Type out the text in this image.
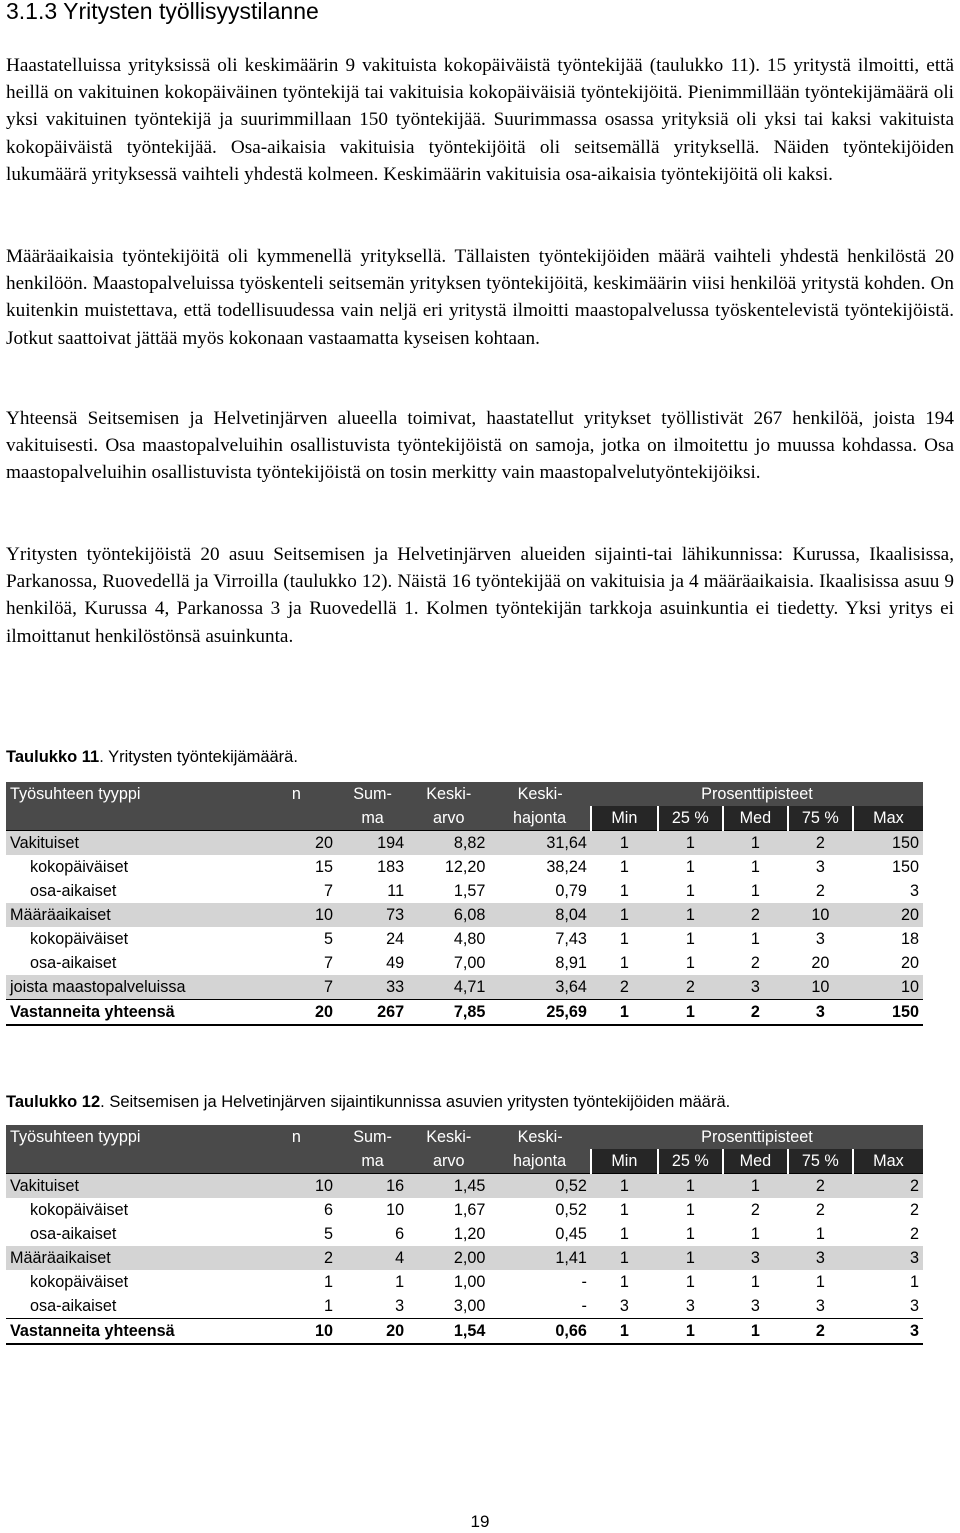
3.1.3 Yritysten työllisyystilanne

Haastatelluissa yrityksissä oli keskimäärin 9 vakituista kokopäiväistä työntekijää (taulukko 11). 15 yritystä ilmoitti, että heillä on vakituinen kokopäiväinen työntekijä tai vakituisia kokopäiväisiä työntekijöitä. Pienimmillään työntekijämäärä oli yksi vakituinen työntekijä ja suurimmillaan 150 työntekijää. Suurimmassa osassa yrityksiä oli yksi tai kaksi vakituista kokopäiväistä työntekijää. Osa-aikaisia vakituisia työntekijöitä oli seitsemällä yrityksellä. Näiden työntekijöiden lukumäärä yrityksessä vaihteli yhdestä kolmeen. Keskimäärin vakituisia osa-aikaisia työntekijöitä oli kaksi.

Määräaikaisia työntekijöitä oli kymmenellä yrityksellä. Tällaisten työntekijöiden määrä vaihteli yhdestä henkilöstä 20 henkilöön. Maastopalveluissa työskenteli seitsemän yrityksen työntekijöitä, keskimäärin viisi henkilöä yritystä kohden. On kuitenkin muistettava, että todellisuudessa vain neljä eri yritystä ilmoitti maastopalvelussa työskentelevistä työntekijöistä. Jotkut saattoivat jättää myös kokonaan vastaamatta kyseisen kohtaan.

Yhteensä Seitsemisen ja Helvetinjärven alueella toimivat, haastatellut yritykset työllistivät 267 henkilöä, joista 194 vakituisesti. Osa maastopalveluihin osallistuvista työntekijöistä on samoja, jotka on ilmoitettu jo muussa kohdassa. Osa maastopalveluihin osallistuvista työntekijöistä on tosin merkitty vain maastopalvelutyöntekijöiksi.

Yritysten työntekijöistä 20 asuu Seitsemisen ja Helvetinjärven alueiden sijainti-tai lähikunnissa: Kurussa, Ikaalisissa, Parkanossa, Ruovedellä ja Virroilla (taulukko 12). Näistä 16 työntekijää on vakituisia ja 4 määräaikaisia. Ikaalisissa asuu 9 henkilöä, Kurussa 4, Parkanossa 3 ja Ruovedellä 1. Kolmen työntekijän tarkkoja asuinkuntia ei tiedetty. Yksi yritys ei ilmoittanut henkilöstönsä asuinkunta.

Taulukko 11. Yritysten työntekijämäärä.

Työsuhteen tyyppi	n	Sum-	Keski-	Keski-	Prosenttipisteet				
		ma	arvo	hajonta	Min	25 %	Med	75 %	Max
Vakituiset	20	194	8,82	31,64	1	1	1	2	150
kokopäiväiset	15	183	12,20	38,24	1	1	1	3	150
osa-aikaiset	7	11	1,57	0,79	1	1	1	2	3
Määräaikaiset	10	73	6,08	8,04	1	1	2	10	20
kokopäiväiset	5	24	4,80	7,43	1	1	1	3	18
osa-aikaiset	7	49	7,00	8,91	1	1	2	20	20
joista maastopalveluissa	7	33	4,71	3,64	2	2	3	10	10
Vastanneita yhteensä	20	267	7,85	25,69	1	1	2	3	150

Taulukko 12. Seitsemisen ja Helvetinjärven sijaintikunnissa asuvien yritysten työntekijöiden määrä.

Työsuhteen tyyppi	n	Sum-	Keski-	Keski-	Prosenttipisteet				
		ma	arvo	hajonta	Min	25 %	Med	75 %	Max
Vakituiset	10	16	1,45	0,52	1	1	1	2	2
kokopäiväiset	6	10	1,67	0,52	1	1	2	2	2
osa-aikaiset	5	6	1,20	0,45	1	1	1	1	2
Määräaikaiset	2	4	2,00	1,41	1	1	3	3	3
kokopäiväiset	1	1	1,00	-	1	1	1	1	1
osa-aikaiset	1	3	3,00	-	3	3	3	3	3
Vastanneita yhteensä	10	20	1,54	0,66	1	1	1	2	3
19
